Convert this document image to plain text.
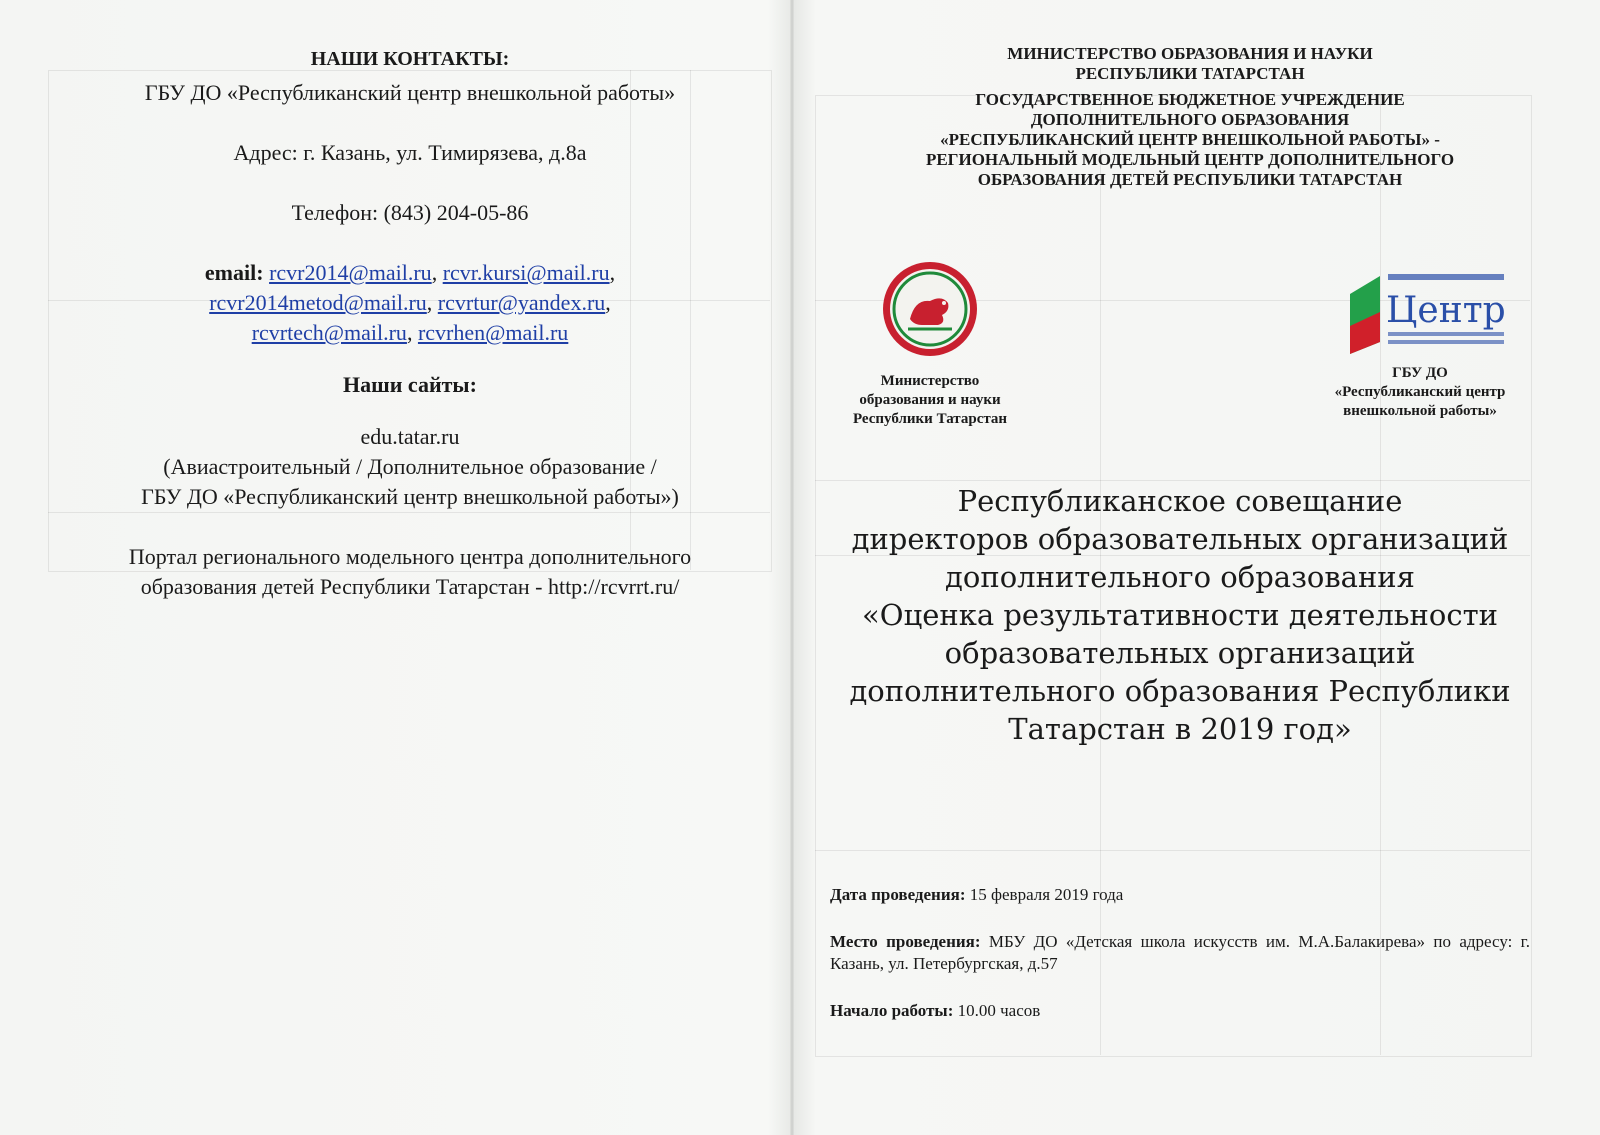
НАШИ КОНТАКТЫ:

ГБУ ДО «Республиканский центр внешкольной работы»

Адрес: г. Казань, ул. Тимирязева, д.8а

Телефон: (843) 204-05-86

email: rcvr2014@mail.ru, rcvr.kursi@mail.ru,
rcvr2014metod@mail.ru, rcvrtur@yandex.ru,
rcvrtech@mail.ru, rcvrhen@mail.ru

Наши сайты:

edu.tatar.ru

(Авиастроительный / Дополнительное образование /

ГБУ ДО «Республиканский центр внешкольной работы»)

Портал регионального модельного центра дополнительного

образования детей Республики Татарстан - http://rcvrrt.ru/

МИНИСТЕРСТВО ОБРАЗОВАНИЯ И НАУКИ
РЕСПУБЛИКИ ТАТАРСТАН
ГОСУДАРСТВЕННОЕ БЮДЖЕТНОЕ УЧРЕЖДЕНИЕ
ДОПОЛНИТЕЛЬНОГО ОБРАЗОВАНИЯ
«РЕСПУБЛИКАНСКИЙ ЦЕНТР ВНЕШКОЛЬНОЙ РАБОТЫ» -
РЕГИОНАЛЬНЫЙ МОДЕЛЬНЫЙ ЦЕНТР ДОПОЛНИТЕЛЬНОГО
ОБРАЗОВАНИЯ ДЕТЕЙ РЕСПУБЛИКИ ТАТАРСТАН
Министерство
образования и науки
Республики Татарстан
Центр
ГБУ ДО
«Республиканский центр
внешкольной работы»

Республиканское совещание

директоров образовательных организаций

дополнительного образования

«Оценка результативности деятельности

образовательных организаций

дополнительного образования Республики

Татарстан в 2019 год»

Дата проведения: 15 февраля 2019 года
Место проведения: МБУ ДО «Детская школа искусств им. М.А.Балакирева» по адресу: г. Казань, ул. Петербургская, д.57
Начало работы: 10.00 часов
